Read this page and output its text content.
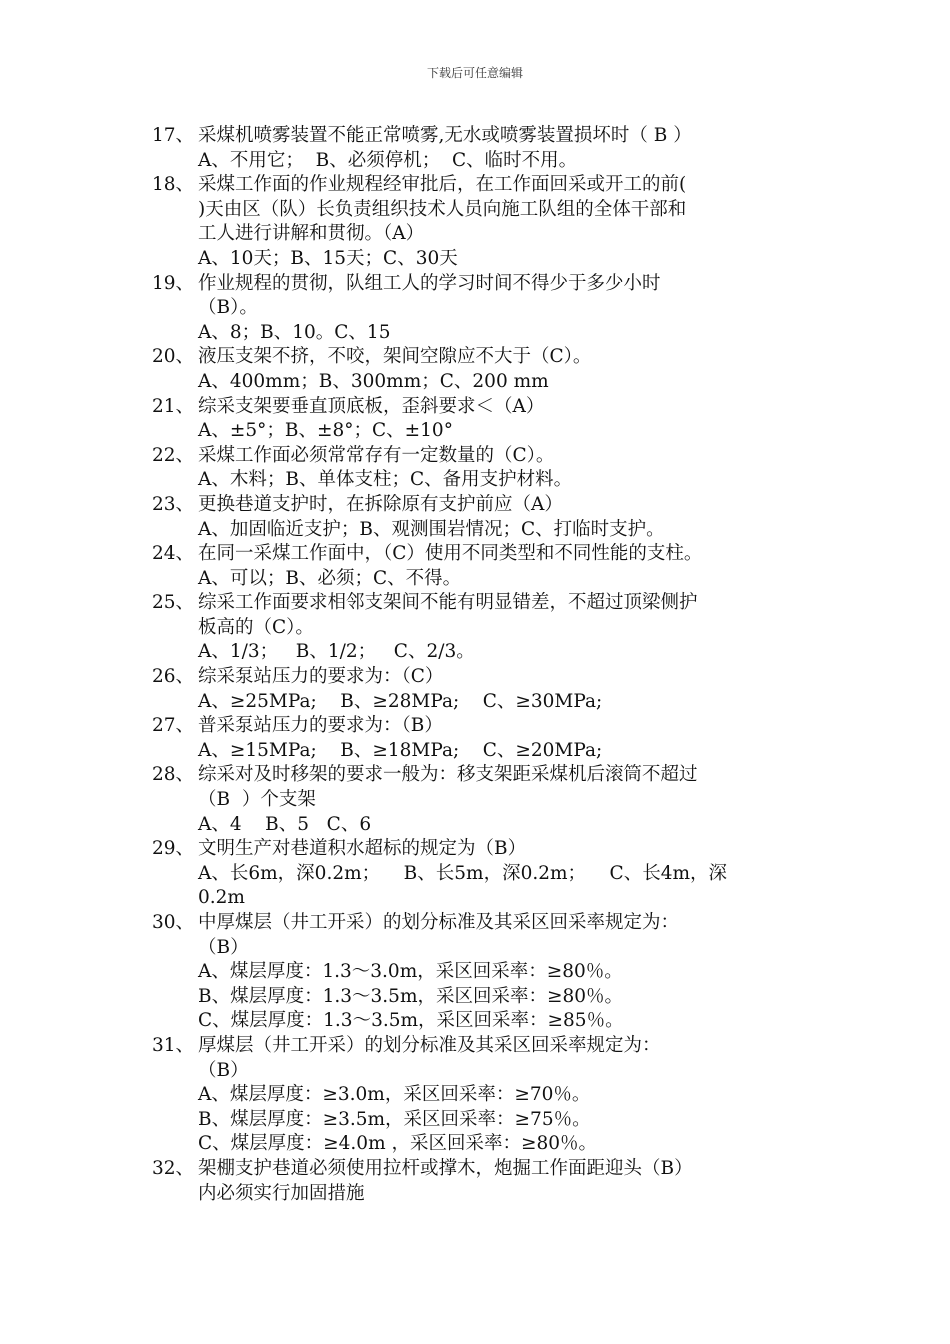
下载后可任意编辑
17、 采煤机喷雾装置不能正常喷雾,无水或喷雾装置损坏时（ B ）
A、不用它；  B、必须停机；  C、临时不用。
18、 采煤工作面的作业规程经审批后，在工作面回采或开工的前(
)天由区（队）长负责组织技术人员向施工队组的全体干部和
工人进行讲解和贯彻。（A）
A、10天；B、15天；C、30天
19、 作业规程的贯彻，队组工人的学习时间不得少于多少小时
（B）。
A、8；B、10。C、15
20、 液压支架不挤，不咬，架间空隙应不大于（C）。
A、400mm；B、300mm；C、200 mm
21、 综采支架要垂直顶底板，歪斜要求＜（A）
A、±5°；B、±8°；C、±10°
22、 采煤工作面必须常常存有一定数量的（C）。
A、木料；B、单体支柱；C、备用支护材料。
23、 更换巷道支护时，在拆除原有支护前应（A）
A、加固临近支护；B、观测围岩情况；C、打临时支护。
24、 在同一采煤工作面中，（C）使用不同类型和不同性能的支柱。
A、可以；B、必须；C、不得。
25、 综采工作面要求相邻支架间不能有明显错差，不超过顶梁侧护
板高的（C）。
A、1/3；   B、1/2；   C、2/3。
26、 综采泵站压力的要求为：（C）
A、≥25MPa;    B、≥28MPa;    C、≥30MPa;
27、 普采泵站压力的要求为：（B）
A、≥15MPa;    B、≥18MPa;    C、≥20MPa;
28、 综采对及时移架的要求一般为：移支架距采煤机后滚筒不超过
（B  ）个支架
A、4    B、5   C、6
29、 文明生产对巷道积水超标的规定为（B）
A、长6m，深0.2m；    B、长5m，深0.2m；    C、长4m，深
0.2m
30、 中厚煤层（井工开采）的划分标准及其采区回采率规定为：
（B）
A、煤层厚度：1.3～3.0m，采区回采率：≥80％。
B、煤层厚度：1.3～3.5m，采区回采率：≥80％。
C、煤层厚度：1.3～3.5m，采区回采率：≥85％。
31、 厚煤层（井工开采）的划分标准及其采区回采率规定为：
（B）
A、煤层厚度：≥3.0m，采区回采率：≥70％。
B、煤层厚度：≥3.5m，采区回采率：≥75％。
C、煤层厚度：≥4.0m ，采区回采率：≥80％。
32、 架棚支护巷道必须使用拉杆或撑木，炮掘工作面距迎头（B）
内必须实行加固措施
